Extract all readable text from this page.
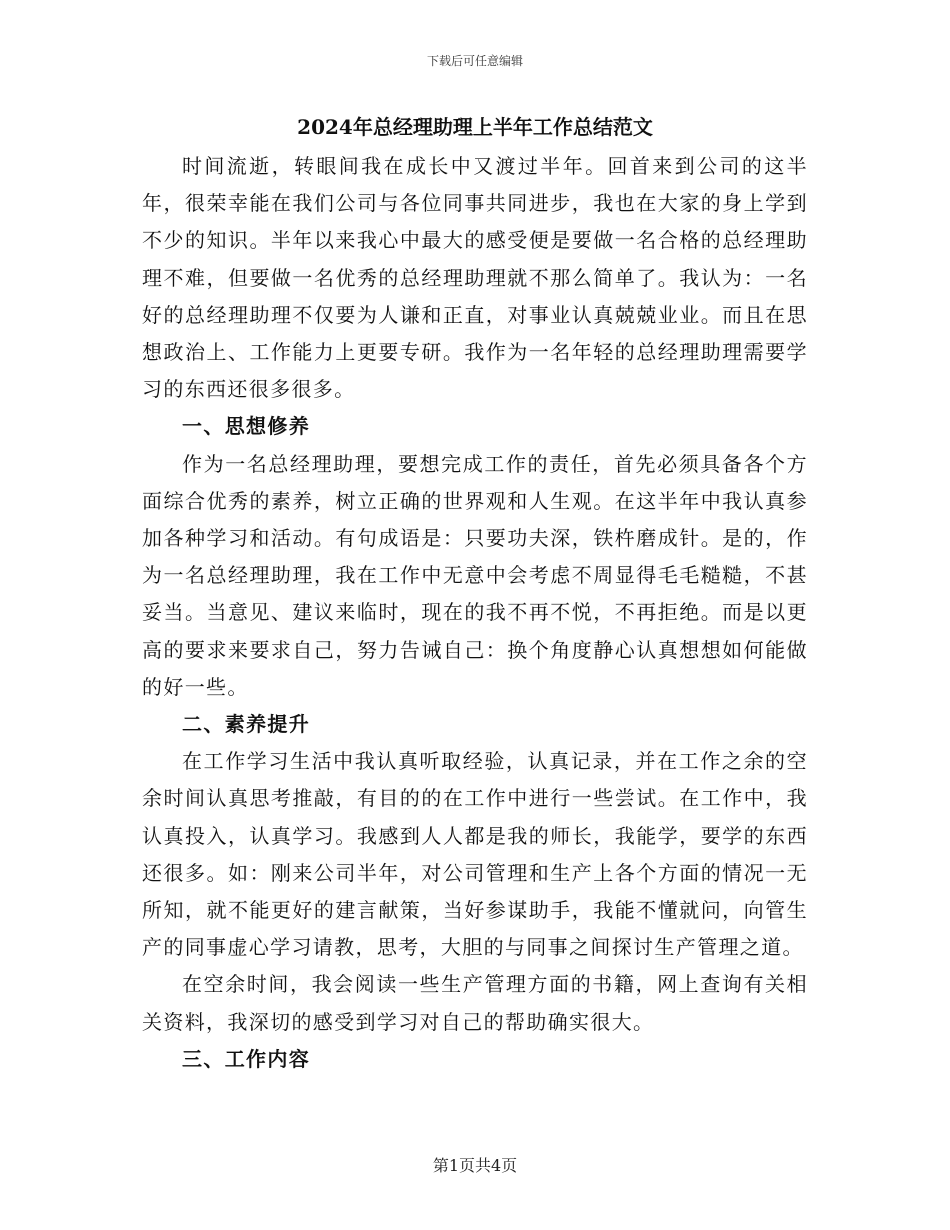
下载后可任意编辑
2024年总经理助理上半年工作总结范文

时间流逝，转眼间我在成长中又渡过半年。回首来到公司的这半年，很荣幸能在我们公司与各位同事共同进步，我也在大家的身上学到不少的知识。半年以来我心中最大的感受便是要做一名合格的总经理助理不难，但要做一名优秀的总经理助理就不那么简单了。我认为：一名好的总经理助理不仅要为人谦和正直，对事业认真兢兢业业。而且在思想政治上、工作能力上更要专研。我作为一名年轻的总经理助理需要学习的东西还很多很多。

一、思想修养

作为一名总经理助理，要想完成工作的责任，首先必须具备各个方面综合优秀的素养，树立正确的世界观和人生观。在这半年中我认真参加各种学习和活动。有句成语是：只要功夫深，铁杵磨成针。是的，作为一名总经理助理，我在工作中无意中会考虑不周显得毛毛糙糙，不甚妥当。当意见、建议来临时，现在的我不再不悦，不再拒绝。而是以更高的要求来要求自己，努力告诫自己：换个角度静心认真想想如何能做的好一些。

二、素养提升

在工作学习生活中我认真听取经验，认真记录，并在工作之余的空余时间认真思考推敲，有目的的在工作中进行一些尝试。在工作中，我认真投入，认真学习。我感到人人都是我的师长，我能学，要学的东西还很多。如：刚来公司半年，对公司管理和生产上各个方面的情况一无所知，就不能更好的建言献策，当好参谋助手，我能不懂就问，向管生产的同事虚心学习请教，思考，大胆的与同事之间探讨生产管理之道。

在空余时间，我会阅读一些生产管理方面的书籍，网上查询有关相关资料，我深切的感受到学习对自己的帮助确实很大。

三、工作内容

第1页共4页
